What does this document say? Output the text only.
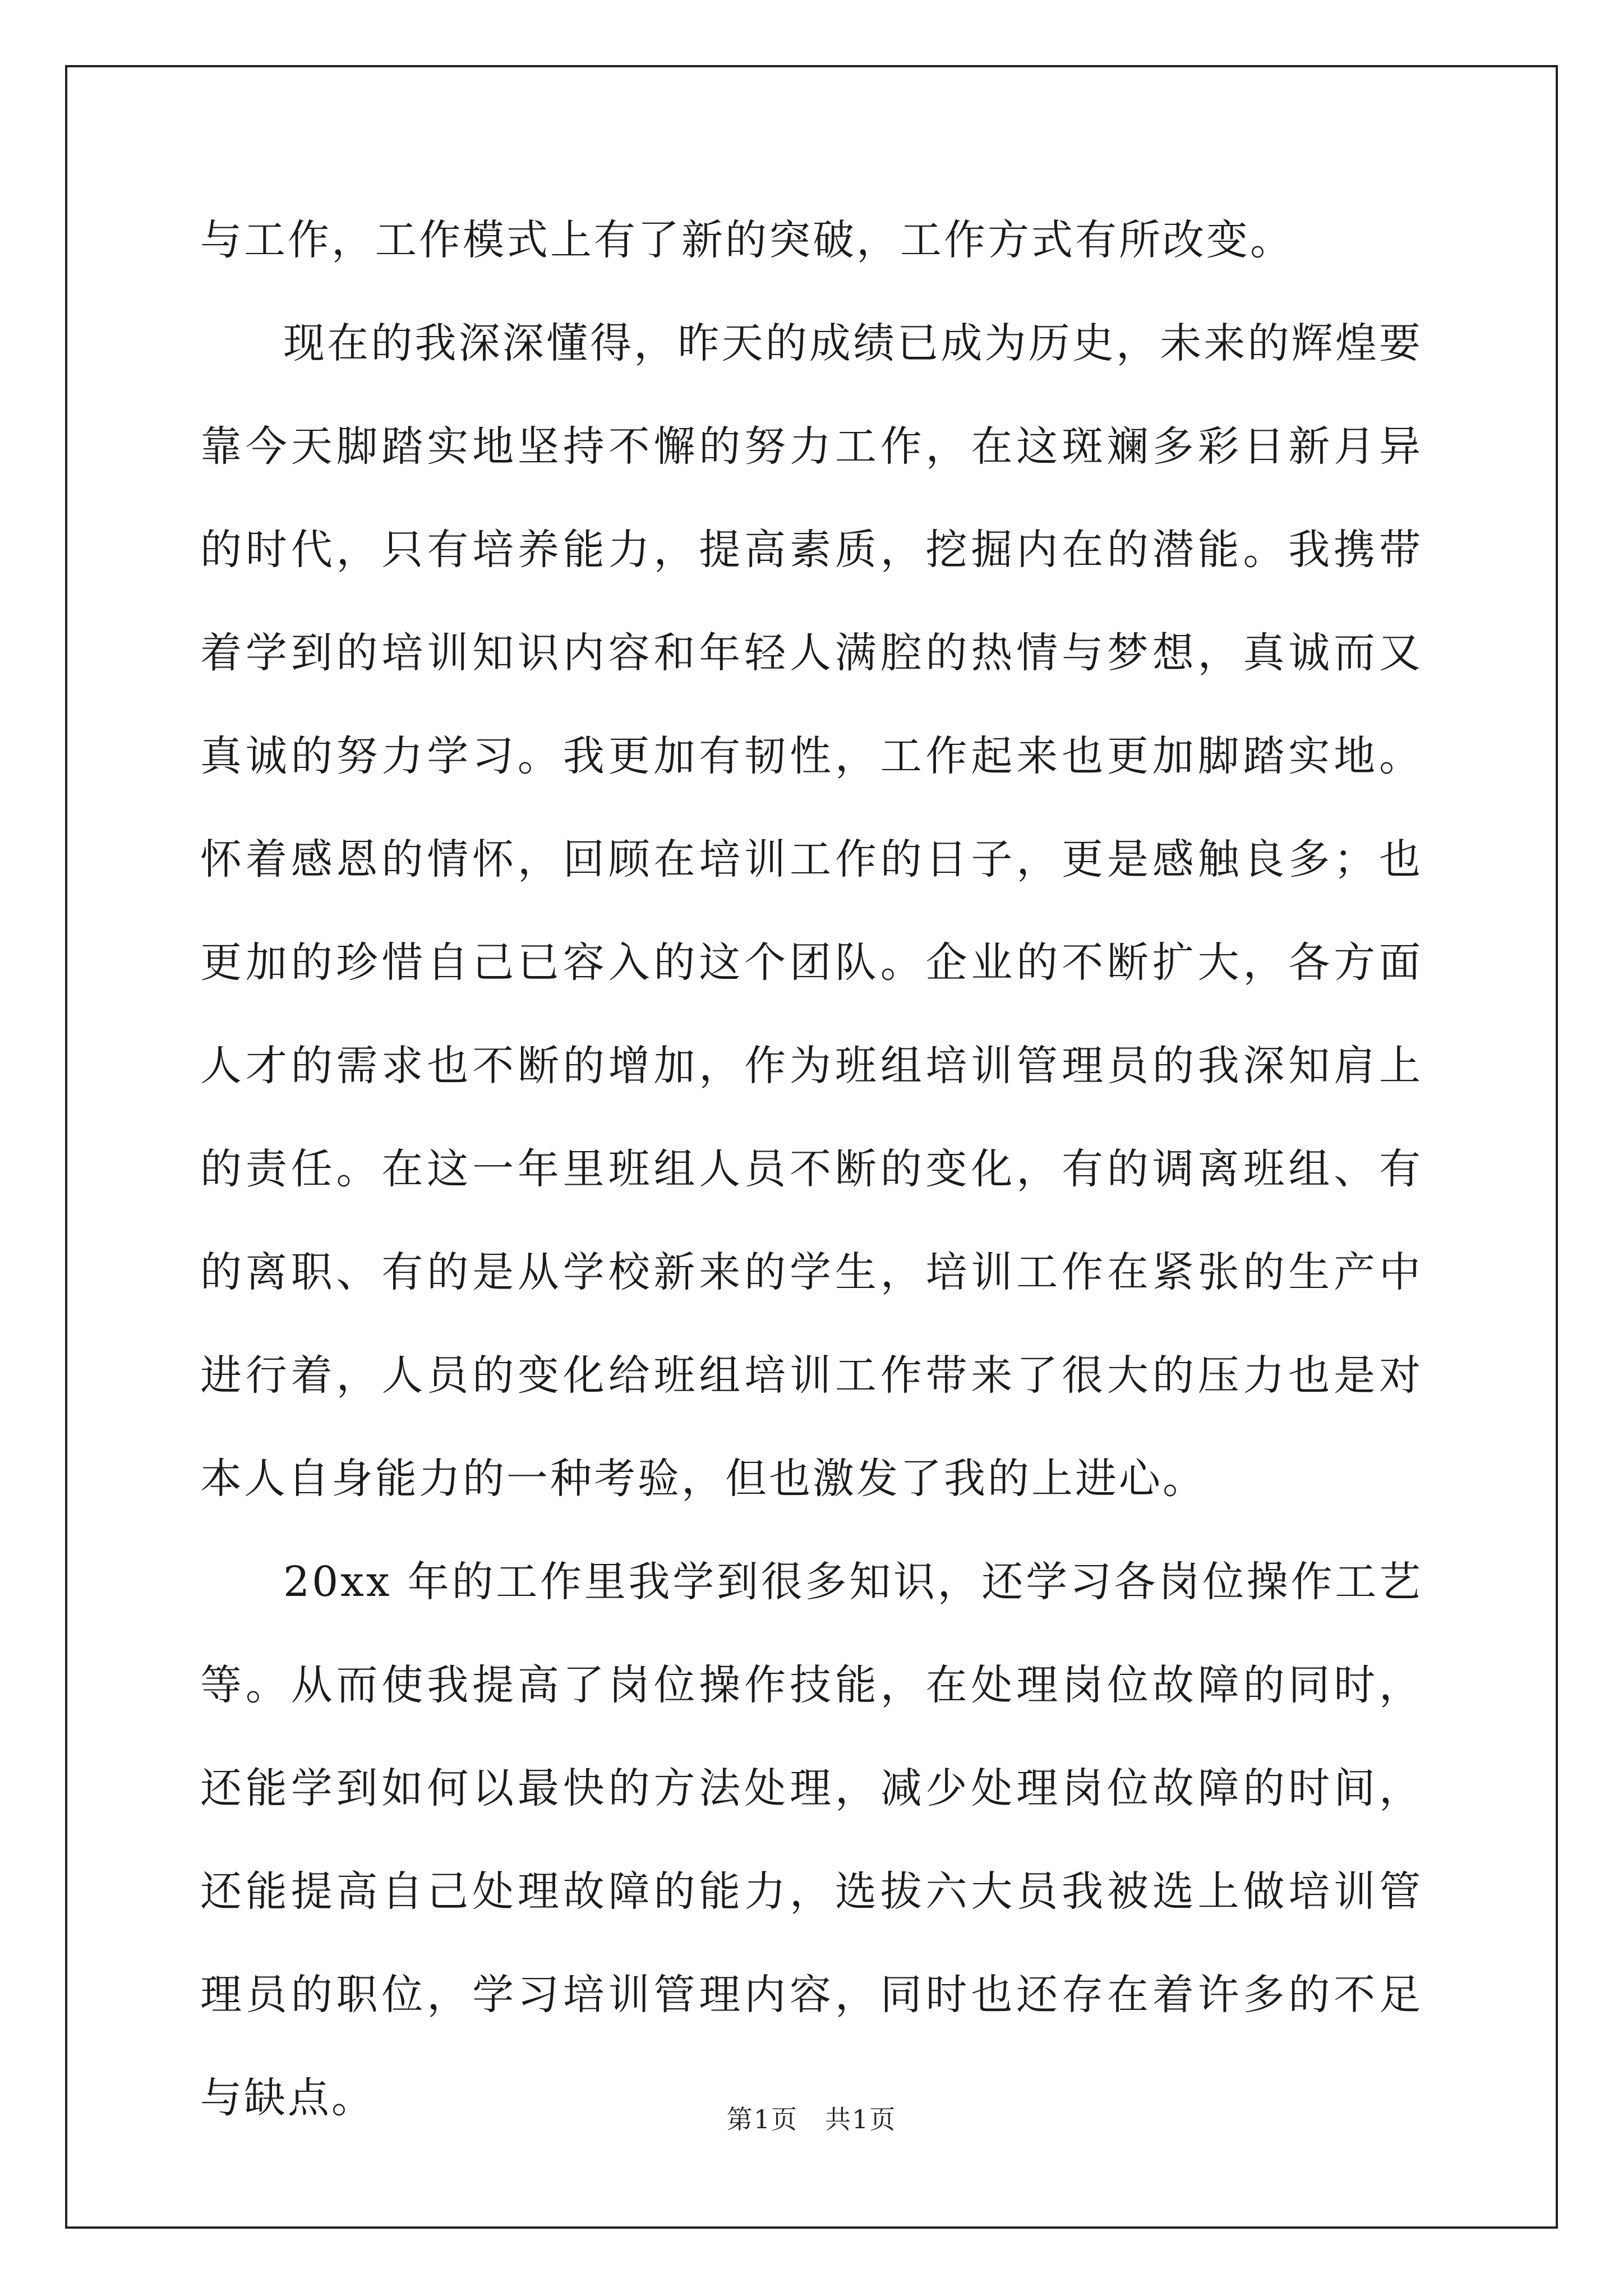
与工作，工作模式上有了新的突破，工作方式有所改变。

现在的我深深懂得，昨天的成绩已成为历史，未来的辉煌要靠今天脚踏实地坚持不懈的努力工作，在这斑斓多彩日新月异的时代，只有培养能力，提高素质，挖掘内在的潜能。我携带着学到的培训知识内容和年轻人满腔的热情与梦想，真诚而又真诚的努力学习。我更加有韧性，工作起来也更加脚踏实地。怀着感恩的情怀，回顾在培训工作的日子，更是感触良多；也更加的珍惜自己已容入的这个团队。企业的不断扩大，各方面人才的需求也不断的增加，作为班组培训管理员的我深知肩上的责任。在这一年里班组人员不断的变化，有的调离班组、有的离职、有的是从学校新来的学生，培训工作在紧张的生产中进行着，人员的变化给班组培训工作带来了很大的压力也是对本人自身能力的一种考验，但也激发了我的上进心。

20xx 年的工作里我学到很多知识，还学习各岗位操作工艺等。从而使我提高了岗位操作技能，在处理岗位故障的同时，还能学到如何以最快的方法处理，减少处理岗位故障的时间，还能提高自己处理故障的能力，选拔六大员我被选上做培训管理员的职位，学习培训管理内容，同时也还存在着许多的不足与缺点。	第1页　共1页
